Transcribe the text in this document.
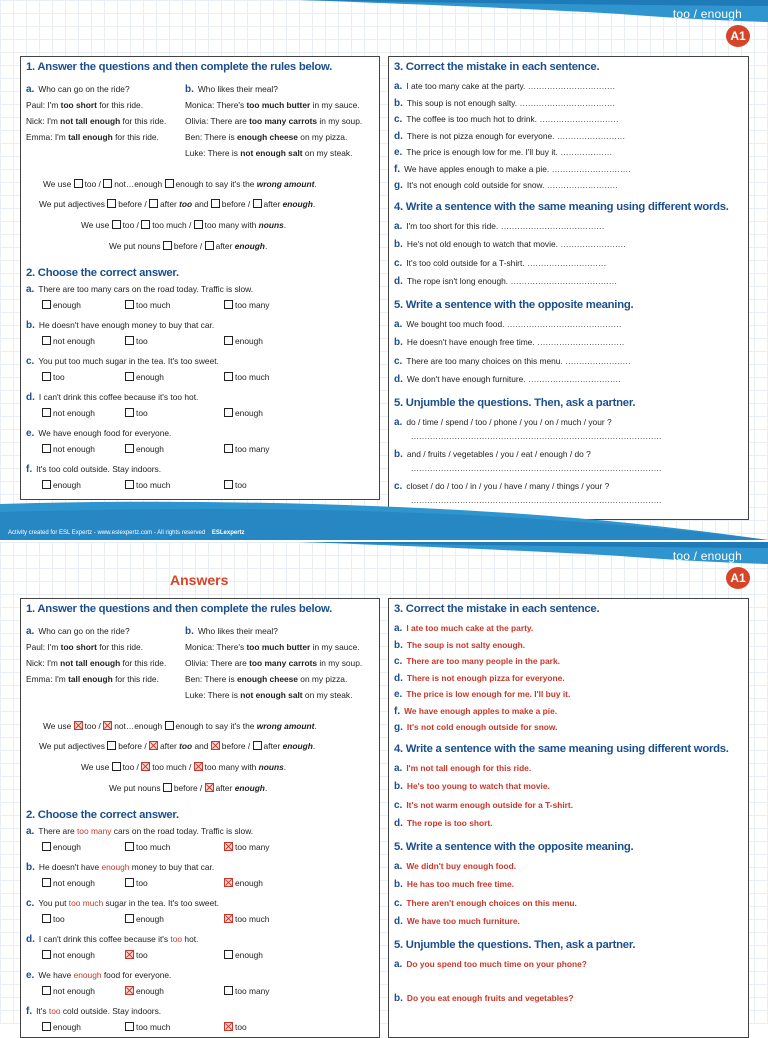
too / enough
A1
1. Answer the questions and then complete the rules below.
a. Who can go on the ride?	b. Who likes their meal?
Paul: I'm too short for this ride.
Nick: I'm not tall enough for this ride.
Emma: I'm tall enough for this ride.
Monica: There's too much butter in my sauce.
Olivia: There are too many carrots in my soup.
Ben: There is enough cheese on my pizza.
Luke: There is not enough salt on my steak.
We use too / not…enough enough to say it's the wrong amount.
We put adjectives before / after too and before / after enough.
We use too / too much / too many with nouns.
We put nouns before / after enough.
2. Choose the correct answer.
a. There are too many cars on the road today. Traffic is slow.
enough	too much	too many
b. He doesn't have enough money to buy that car.
not enough	too	enough
c. You put too much sugar in the tea. It's too sweet.
too	enough	too much
d. I can't drink this coffee because it's too hot.
not enough	too	enough
e. We have enough food for everyone.
not enough	enough	too many
f. It's too cold outside. Stay indoors.
enough	too much	too
3. Correct the mistake in each sentence.
a. I ate too many cake at the party. ................................
b. This soup is not enough salty. ...................................
c. The coffee is too much hot to drink. .............................
d. There is not pizza enough for everyone. .........................
e. The price is enough low for me. I'll buy it. ...................
f. We have apples enough to make a pie. .............................
g. It's not enough cold outside for snow. ..........................
4. Write a sentence with the same meaning using different words.
a. I'm too short for this ride. ......................................
b. He's not old enough to watch that movie. ........................
c. It's too cold outside for a T-shirt. .............................
d. The rope isn't long enough. .......................................
5. Write a sentence with the opposite meaning.
a. We bought too much food. ..........................................
b. He doesn't have enough free time. ................................
c. There are too many choices on this menu. ........................
d. We don't have enough furniture. ..................................
5. Unjumble the questions. Then, ask a partner.
a. do / time / spend / too / phone / you / on / much / your ?
............................................................................................
b. and / fruits / vegetables / you / eat / enough / do ?
............................................................................................
c. closet / do / too / in / you / have / many / things / your ?
............................................................................................
Activity created for ESL Expertz - www.eslexpertz.com - All rights reserved ESLexpertz
too / enough
A1
Answers
1. Answer the questions and then complete the rules below.
a. Who can go on the ride?	b. Who likes their meal?
Paul: I'm too short for this ride.
Nick: I'm not tall enough for this ride.
Emma: I'm tall enough for this ride.
Monica: There's too much butter in my sauce.
Olivia: There are too many carrots in my soup.
Ben: There is enough cheese on my pizza.
Luke: There is not enough salt on my steak.
We use too / not…enough enough to say it's the wrong amount.
We put adjectives before / after too and before / after enough.
We use too / too much / too many with nouns.
We put nouns before / after enough.
2. Choose the correct answer.
a. There are too many cars on the road today. Traffic is slow.
enough	too much	too many
b. He doesn't have enough money to buy that car.
not enough	too	enough
c. You put too much sugar in the tea. It's too sweet.
too	enough	too much
d. I can't drink this coffee because it's too hot.
not enough	too	enough
e. We have enough food for everyone.
not enough	enough	too many
f. It's too cold outside. Stay indoors.
enough	too much	too
3. Correct the mistake in each sentence.
a. I ate too much cake at the party.
b. The soup is not salty enough.
c. There are too many people in the park.
d. There is not enough pizza for everyone.
e. The price is low enough for me. I'll buy it.
f. We have enough apples to make a pie.
g. It's not cold enough outside for snow.
4. Write a sentence with the same meaning using different words.
a. I'm not tall enough for this ride.
b. He's too young to watch that movie.
c. It's not warm enough outside for a T-shirt.
d. The rope is too short.
5. Write a sentence with the opposite meaning.
a. We didn't buy enough food.
b. He has too much free time.
c. There aren't enough choices on this menu.
d. We have too much furniture.
5. Unjumble the questions. Then, ask a partner.
a. Do you spend too much time on your phone?
b. Do you eat enough fruits and vegetables?
